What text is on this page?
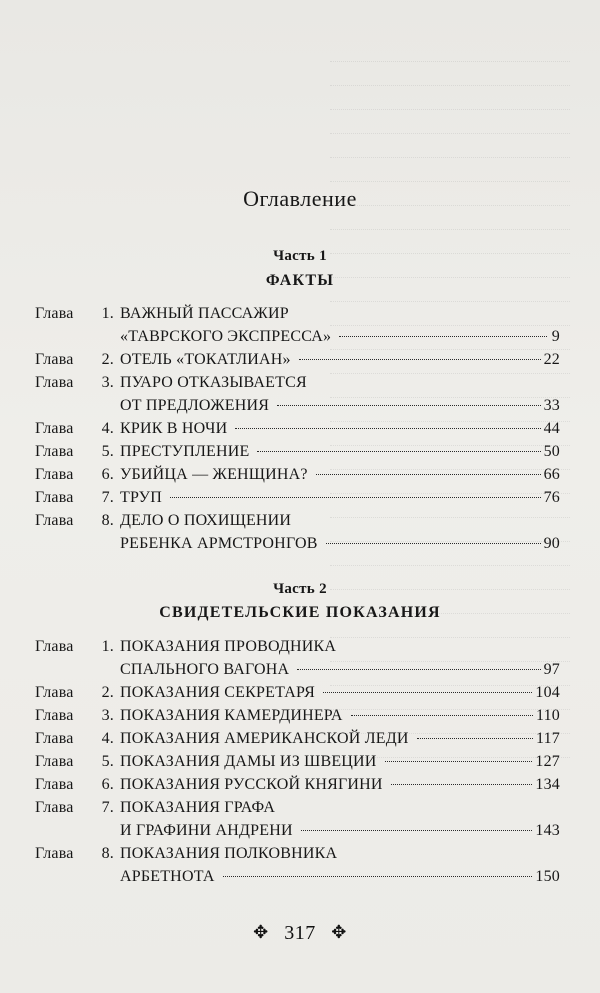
Оглавление
Часть 1
ФАКТЫ
Глава	1. ВАЖНЫЙ ПАССАЖИР
«ТАВРСКОГО ЭКСПРЕССА»	9
Глава	2. ОТЕЛЬ «ТОКАТЛИАН»	22
Глава	3. ПУАРО ОТКАЗЫВАЕТСЯ
ОТ ПРЕДЛОЖЕНИЯ	33
Глава	4. КРИК В НОЧИ	44
Глава	5. ПРЕСТУПЛЕНИЕ	50
Глава	6. УБИЙЦА — ЖЕНЩИНА?	66
Глава	7. ТРУП	76
Глава	8. ДЕЛО О ПОХИЩЕНИИ
РЕБЕНКА АРМСТРОНГОВ	90
Часть 2
СВИДЕТЕЛЬСКИЕ ПОКАЗАНИЯ
Глава	1. ПОКАЗАНИЯ ПРОВОДНИКА
СПАЛЬНОГО ВАГОНА	97
Глава	2. ПОКАЗАНИЯ СЕКРЕТАРЯ	104
Глава	3. ПОКАЗАНИЯ КАМЕРДИНЕРА	110
Глава	4. ПОКАЗАНИЯ АМЕРИКАНСКОЙ ЛЕДИ	117
Глава	5. ПОКАЗАНИЯ ДАМЫ ИЗ ШВЕЦИИ	127
Глава	6. ПОКАЗАНИЯ РУССКОЙ КНЯГИНИ	134
Глава	7. ПОКАЗАНИЯ ГРАФА
И ГРАФИНИ АНДРЕНИ	143
Глава	8. ПОКАЗАНИЯ ПОЛКОВНИКА
АРБЕТНОТА	150
✥ 317 ✥
